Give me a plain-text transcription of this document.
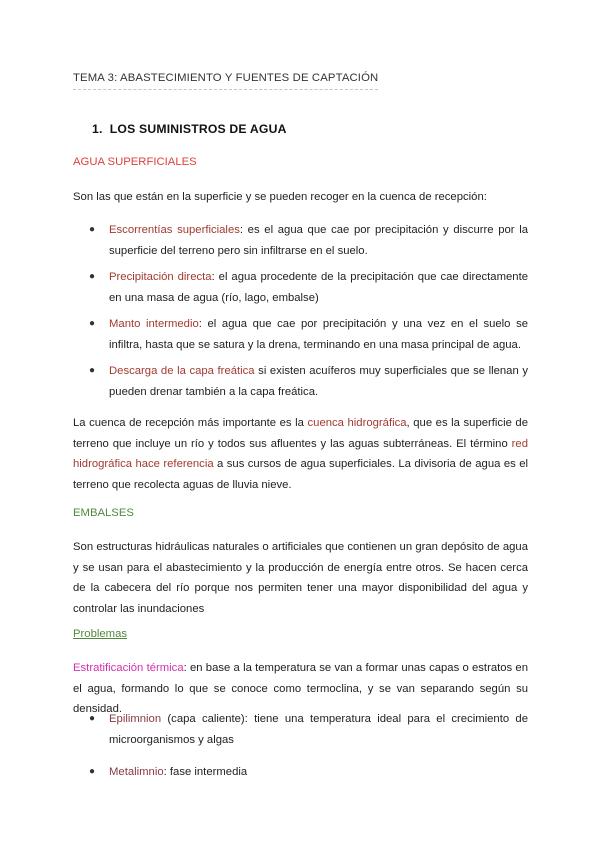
TEMA 3: ABASTECIMIENTO Y FUENTES DE CAPTACIÓN
1. LOS SUMINISTROS DE AGUA
AGUA SUPERFICIALES
Son las que están en la superficie y se pueden recoger en la cuenca de recepción:
● Escorrentías superficiales: es el agua que cae por precipitación y discurre por la superficie del terreno pero sin infiltrarse en el suelo.
● Precipitación directa: el agua procedente de la precipitación que cae directamente en una masa de agua (río, lago, embalse)
● Manto intermedio: el agua que cae por precipitación y una vez en el suelo se infiltra, hasta que se satura y la drena, terminando en una masa principal de agua.
● Descarga de la capa freática si existen acuíferos muy superficiales que se llenan y pueden drenar también a la capa freática.
La cuenca de recepción más importante es la cuenca hidrográfica, que es la superficie de terreno que incluye un río y todos sus afluentes y las aguas subterráneas. El término red hidrográfica hace referencia a sus cursos de agua superficiales. La divisoria de agua es el terreno que recolecta aguas de lluvia nieve.
EMBALSES
Son estructuras hidráulicas naturales o artificiales que contienen un gran depósito de agua y se usan para el abastecimiento y la producción de energía entre otros. Se hacen cerca de la cabecera del río porque nos permiten tener una mayor disponibilidad del agua y controlar las inundaciones
Problemas
Estratificación térmica: en base a la temperatura se van a formar unas capas o estratos en el agua, formando lo que se conoce como termoclina, y se van separando según su densidad.
● Epilimnion (capa caliente): tiene una temperatura ideal para el crecimiento de microorganismos y algas
● Metalimnio: fase intermedia
